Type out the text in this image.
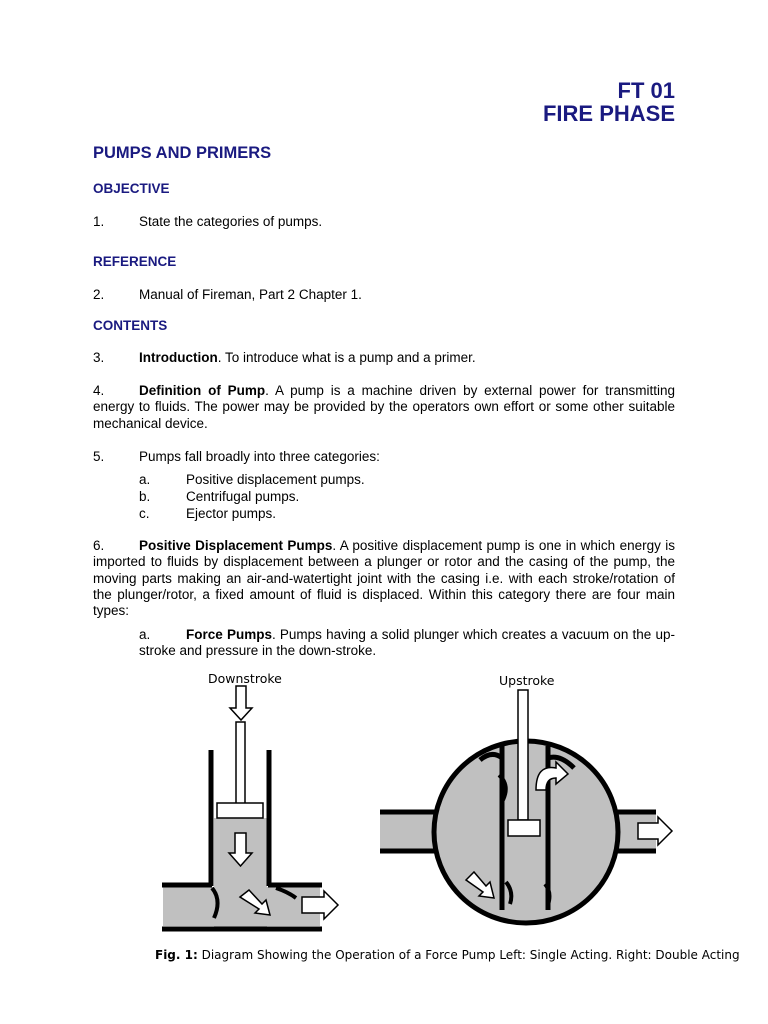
FT 01
FIRE PHASE
PUMPS AND PRIMERS
OBJECTIVE
1.	State the categories of pumps.
REFERENCE
2.	Manual of Fireman, Part 2 Chapter 1.
CONTENTS
3.	Introduction. To introduce what is a pump and a primer.
4.	Definition of Pump. A pump is a machine driven by external power for transmitting energy to fluids. The power may be provided by the operators own effort or some other suitable mechanical device.
5.	Pumps fall broadly into three categories:
a.	Positive displacement pumps.
b.	Centrifugal pumps.
c.	Ejector pumps.
6.	Positive Displacement Pumps. A positive displacement pump is one in which energy is imported to fluids by displacement between a plunger or rotor and the casing of the pump, the moving parts making an air-and-watertight joint with the casing i.e. with each stroke/rotation of the plunger/rotor, a fixed amount of fluid is displaced. Within this category there are four main types:
a.	Force Pumps. Pumps having a solid plunger which creates a vacuum on the up-stroke and pressure in the down-stroke.
Downstroke	Upstroke
Fig. 1: Diagram Showing the Operation of a Force Pump Left: Single Acting. Right: Double Acting
